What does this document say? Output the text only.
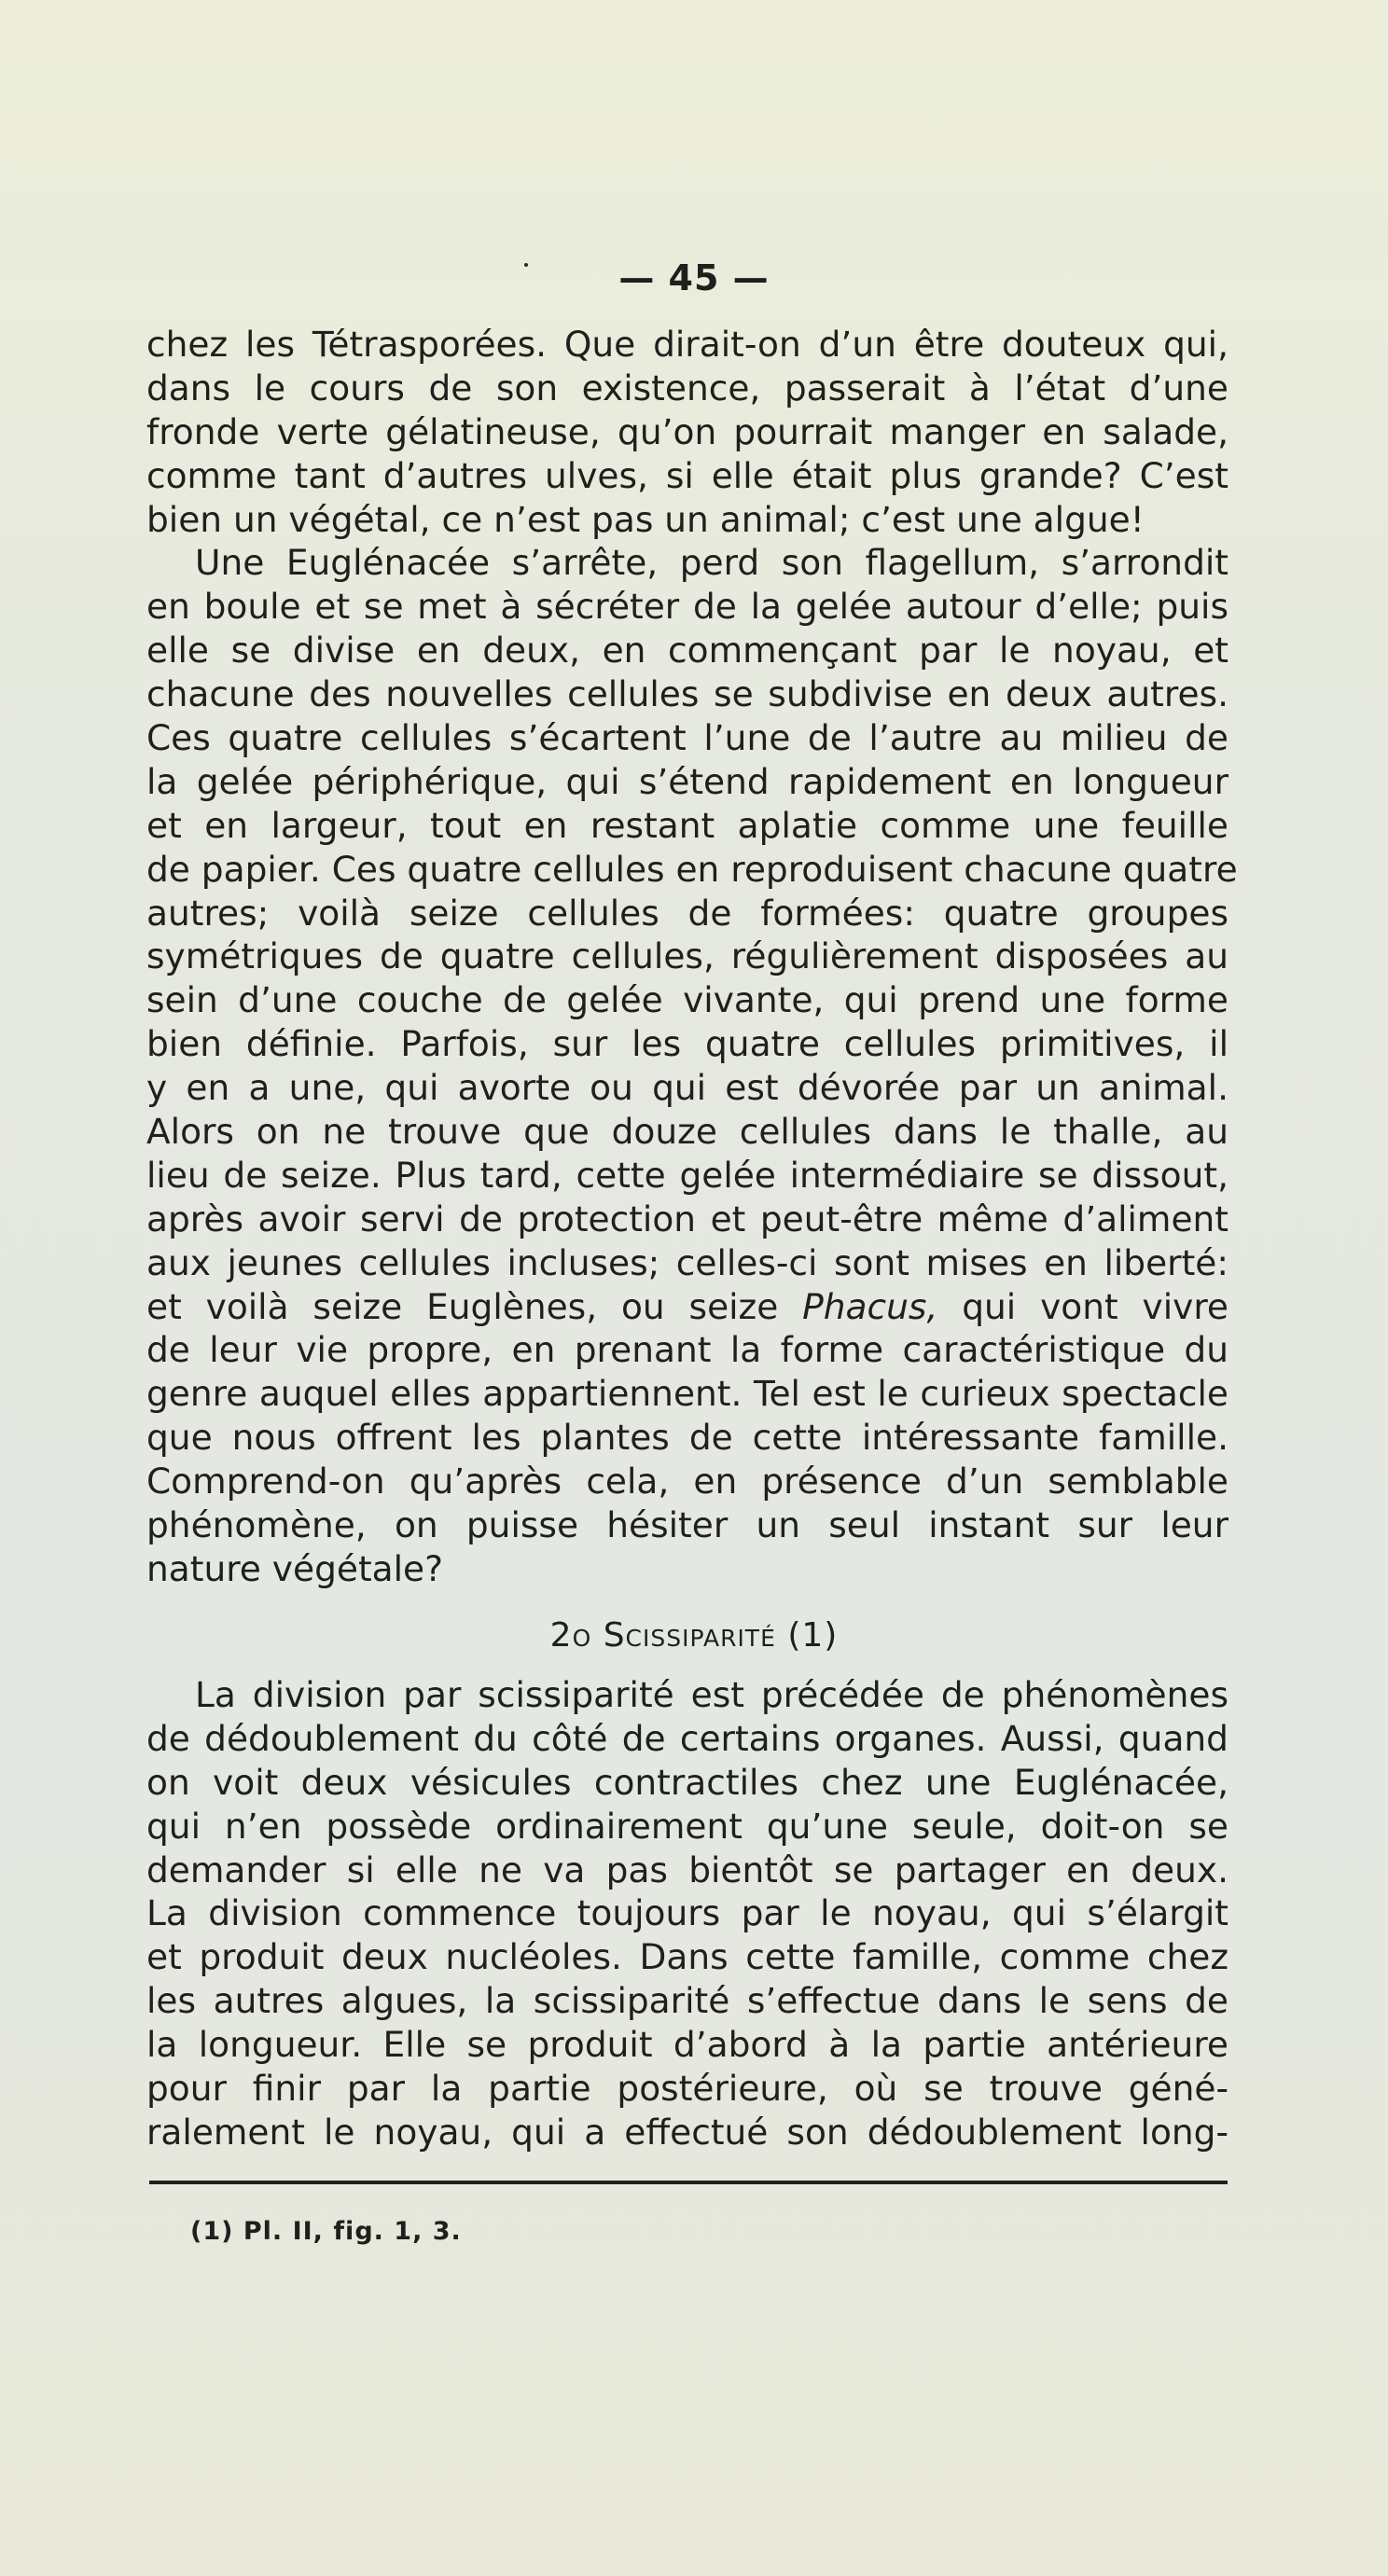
— 45 —
chez les Tétrasporées. Que dirait-on d’un être douteux qui,
dans le cours de son existence, passerait à l’état d’une
fronde verte gélatineuse, qu’on pourrait manger en salade,
comme tant d’autres ulves, si elle était plus grande? C’est
bien un végétal, ce n’est pas un animal; c’est une algue!
Une Euglénacée s’arrête, perd son flagellum, s’arrondit
en boule et se met à sécréter de la gelée autour d’elle; puis
elle se divise en deux, en commençant par le noyau, et
chacune des nouvelles cellules se subdivise en deux autres.
Ces quatre cellules s’écartent l’une de l’autre au milieu de
la gelée périphérique, qui s’étend rapidement en longueur
et en largeur, tout en restant aplatie comme une feuille
de papier. Ces quatre cellules en reproduisent chacune quatre
autres; voilà seize cellules de formées: quatre groupes
symétriques de quatre cellules, régulièrement disposées au
sein d’une couche de gelée vivante, qui prend une forme
bien définie. Parfois, sur les quatre cellules primitives, il
y en a une, qui avorte ou qui est dévorée par un animal.
Alors on ne trouve que douze cellules dans le thalle, au
lieu de seize. Plus tard, cette gelée intermédiaire se dissout,
après avoir servi de protection et peut-être même d’aliment
aux jeunes cellules incluses; celles-ci sont mises en liberté:
et voilà seize Euglènes, ou seize Phacus, qui vont vivre
de leur vie propre, en prenant la forme caractéristique du
genre auquel elles appartiennent. Tel est le curieux spectacle
que nous offrent les plantes de cette intéressante famille.
Comprend-on qu’après cela, en présence d’un semblable
phénomène, on puisse hésiter un seul instant sur leur
nature végétale?
2o Scissiparité (1)
La division par scissiparité est précédée de phénomènes
de dédoublement du côté de certains organes. Aussi, quand
on voit deux vésicules contractiles chez une Euglénacée,
qui n’en possède ordinairement qu’une seule, doit-on se
demander si elle ne va pas bientôt se partager en deux.
La division commence toujours par le noyau, qui s’élargit
et produit deux nucléoles. Dans cette famille, comme chez
les autres algues, la scissiparité s’effectue dans le sens de
la longueur. Elle se produit d’abord à la partie antérieure
pour finir par la partie postérieure, où se trouve géné-
ralement le noyau, qui a effectué son dédoublement long-
(1) Pl. II, fig. 1, 3.
